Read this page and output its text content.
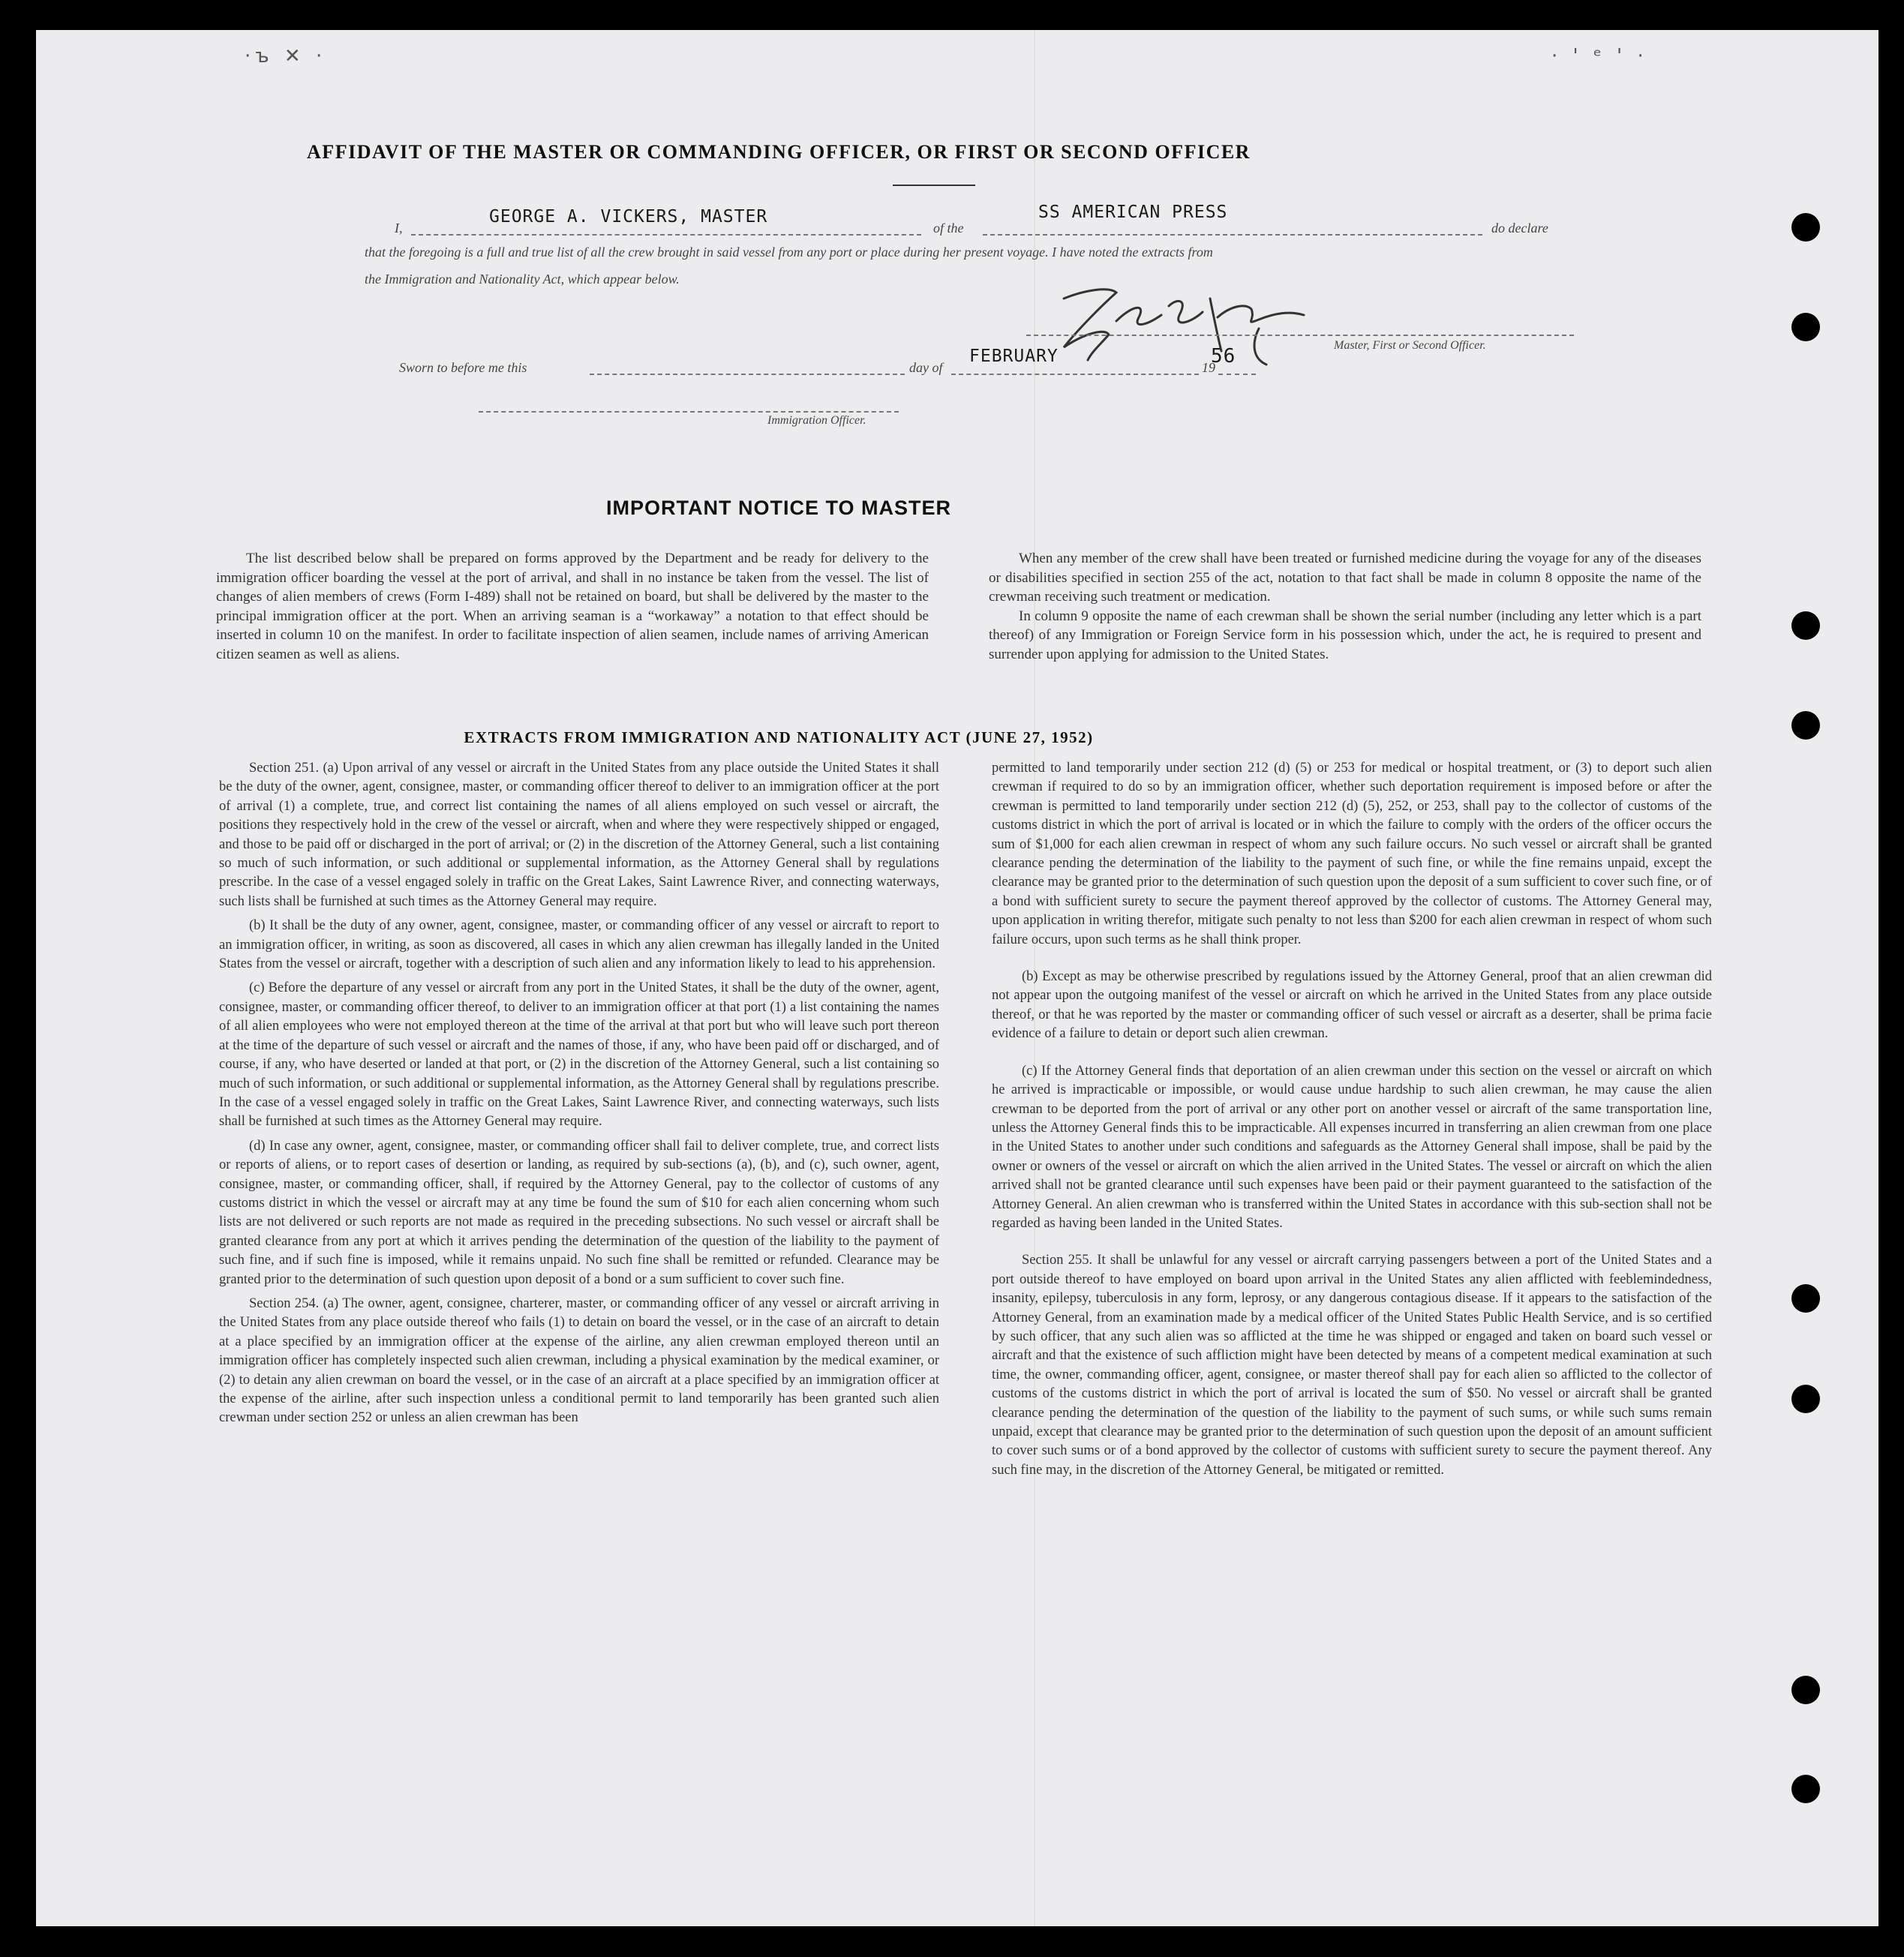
·ъ ✕ ·	· ' ᵉ ' ·
AFFIDAVIT OF THE MASTER OR COMMANDING OFFICER, OR FIRST OR SECOND OFFICER
I,
GEORGE A. VICKERS, MASTER
of the
SS AMERICAN PRESS
do declare
that the foregoing is a full and true list of all the crew brought in said vessel from any port or place during her present voyage. I have noted the extracts from
the Immigration and Nationality Act, which appear below.
Master, First or Second Officer.
Sworn to before me this	day of
FEBRUARY
19
56
Immigration Officer.
IMPORTANT NOTICE TO MASTER

The list described below shall be prepared on forms approved by the Department and be ready for delivery to the immigration officer boarding the vessel at the port of arrival, and shall in no instance be taken from the vessel. The list of changes of alien members of crews (Form I-489) shall not be retained on board, but shall be delivered by the master to the principal immigration officer at the port. When an arriving seaman is a “workaway” a notation to that effect should be inserted in column 10 on the manifest. In order to facilitate inspection of alien seamen, include names of arriving American citizen seamen as well as aliens.

When any member of the crew shall have been treated or furnished medicine during the voyage for any of the diseases or disabilities specified in section 255 of the act, notation to that fact shall be made in column 8 opposite the name of the crewman receiving such treatment or medication.

In column 9 opposite the name of each crewman shall be shown the serial number (including any letter which is a part thereof) of any Immigration or Foreign Service form in his possession which, under the act, he is required to present and surrender upon applying for admission to the United States.

EXTRACTS FROM IMMIGRATION AND NATIONALITY ACT (JUNE 27, 1952)

Section 251. (a) Upon arrival of any vessel or aircraft in the United States from any place outside the United States it shall be the duty of the owner, agent, consignee, master, or commanding officer thereof to deliver to an immigration officer at the port of arrival (1) a complete, true, and correct list containing the names of all aliens employed on such vessel or aircraft, the positions they respectively hold in the crew of the vessel or aircraft, when and where they were respectively shipped or engaged, and those to be paid off or discharged in the port of arrival; or (2) in the discretion of the Attorney General, such a list containing so much of such information, or such additional or supplemental information, as the Attorney General shall by regulations prescribe. In the case of a vessel engaged solely in traffic on the Great Lakes, Saint Lawrence River, and connecting waterways, such lists shall be furnished at such times as the Attorney General may require.

(b) It shall be the duty of any owner, agent, consignee, master, or commanding officer of any vessel or aircraft to report to an immigration officer, in writing, as soon as discovered, all cases in which any alien crewman has illegally landed in the United States from the vessel or aircraft, together with a description of such alien and any information likely to lead to his apprehension.

(c) Before the departure of any vessel or aircraft from any port in the United States, it shall be the duty of the owner, agent, consignee, master, or commanding officer thereof, to deliver to an immigration officer at that port (1) a list containing the names of all alien employees who were not employed thereon at the time of the arrival at that port but who will leave such port thereon at the time of the departure of such vessel or aircraft and the names of those, if any, who have been paid off or discharged, and of course, if any, who have deserted or landed at that port, or (2) in the discretion of the Attorney General, such a list containing so much of such information, or such additional or supplemental information, as the Attorney General shall by regulations prescribe. In the case of a vessel engaged solely in traffic on the Great Lakes, Saint Lawrence River, and connecting waterways, such lists shall be furnished at such times as the Attorney General may require.

(d) In case any owner, agent, consignee, master, or commanding officer shall fail to deliver complete, true, and correct lists or reports of aliens, or to report cases of desertion or landing, as required by sub-sections (a), (b), and (c), such owner, agent, consignee, master, or commanding officer, shall, if required by the Attorney General, pay to the collector of customs of any customs district in which the vessel or aircraft may at any time be found the sum of $10 for each alien concerning whom such lists are not delivered or such reports are not made as required in the preceding subsections. No such vessel or aircraft shall be granted clearance from any port at which it arrives pending the determination of the question of the liability to the payment of such fine, and if such fine is imposed, while it remains unpaid. No such fine shall be remitted or refunded. Clearance may be granted prior to the determination of such question upon deposit of a bond or a sum sufficient to cover such fine.

Section 254. (a) The owner, agent, consignee, charterer, master, or commanding officer of any vessel or aircraft arriving in the United States from any place outside thereof who fails (1) to detain on board the vessel, or in the case of an aircraft to detain at a place specified by an immigration officer at the expense of the airline, any alien crewman employed thereon until an immigration officer has completely inspected such alien crewman, including a physical examination by the medical examiner, or (2) to detain any alien crewman on board the vessel, or in the case of an aircraft at a place specified by an immigration officer at the expense of the airline, after such inspection unless a conditional permit to land temporarily has been granted such alien crewman under section 252 or unless an alien crewman has been

permitted to land temporarily under section 212 (d) (5) or 253 for medical or hospital treatment, or (3) to deport such alien crewman if required to do so by an immigration officer, whether such deportation requirement is imposed before or after the crewman is permitted to land temporarily under section 212 (d) (5), 252, or 253, shall pay to the collector of customs of the customs district in which the port of arrival is located or in which the failure to comply with the orders of the officer occurs the sum of $1,000 for each alien crewman in respect of whom any such failure occurs. No such vessel or aircraft shall be granted clearance pending the determination of the liability to the payment of such fine, or while the fine remains unpaid, except the clearance may be granted prior to the determination of such question upon the deposit of a sum sufficient to cover such fine, or of a bond with sufficient surety to secure the payment thereof approved by the collector of customs. The Attorney General may, upon application in writing therefor, mitigate such penalty to not less than $200 for each alien crewman in respect of whom such failure occurs, upon such terms as he shall think proper.

(b) Except as may be otherwise prescribed by regulations issued by the Attorney General, proof that an alien crewman did not appear upon the outgoing manifest of the vessel or aircraft on which he arrived in the United States from any place outside thereof, or that he was reported by the master or commanding officer of such vessel or aircraft as a deserter, shall be prima facie evidence of a failure to detain or deport such alien crewman.

(c) If the Attorney General finds that deportation of an alien crewman under this section on the vessel or aircraft on which he arrived is impracticable or impossible, or would cause undue hardship to such alien crewman, he may cause the alien crewman to be deported from the port of arrival or any other port on another vessel or aircraft of the same transportation line, unless the Attorney General finds this to be impracticable. All expenses incurred in transferring an alien crewman from one place in the United States to another under such conditions and safeguards as the Attorney General shall impose, shall be paid by the owner or owners of the vessel or aircraft on which the alien arrived in the United States. The vessel or aircraft on which the alien arrived shall not be granted clearance until such expenses have been paid or their payment guaranteed to the satisfaction of the Attorney General. An alien crewman who is transferred within the United States in accordance with this sub-section shall not be regarded as having been landed in the United States.

Section 255. It shall be unlawful for any vessel or aircraft carrying passengers between a port of the United States and a port outside thereof to have employed on board upon arrival in the United States any alien afflicted with feeblemindedness, insanity, epilepsy, tuberculosis in any form, leprosy, or any dangerous contagious disease. If it appears to the satisfaction of the Attorney General, from an examination made by a medical officer of the United States Public Health Service, and is so certified by such officer, that any such alien was so afflicted at the time he was shipped or engaged and taken on board such vessel or aircraft and that the existence of such affliction might have been detected by means of a competent medical examination at such time, the owner, commanding officer, agent, consignee, or master thereof shall pay for each alien so afflicted to the collector of customs of the customs district in which the port of arrival is located the sum of $50. No vessel or aircraft shall be granted clearance pending the determination of the question of the liability to the payment of such sums, or while such sums remain unpaid, except that clearance may be granted prior to the determination of such question upon the deposit of an amount sufficient to cover such sums or of a bond approved by the collector of customs with sufficient surety to secure the payment thereof. Any such fine may, in the discretion of the Attorney General, be mitigated or remitted.
